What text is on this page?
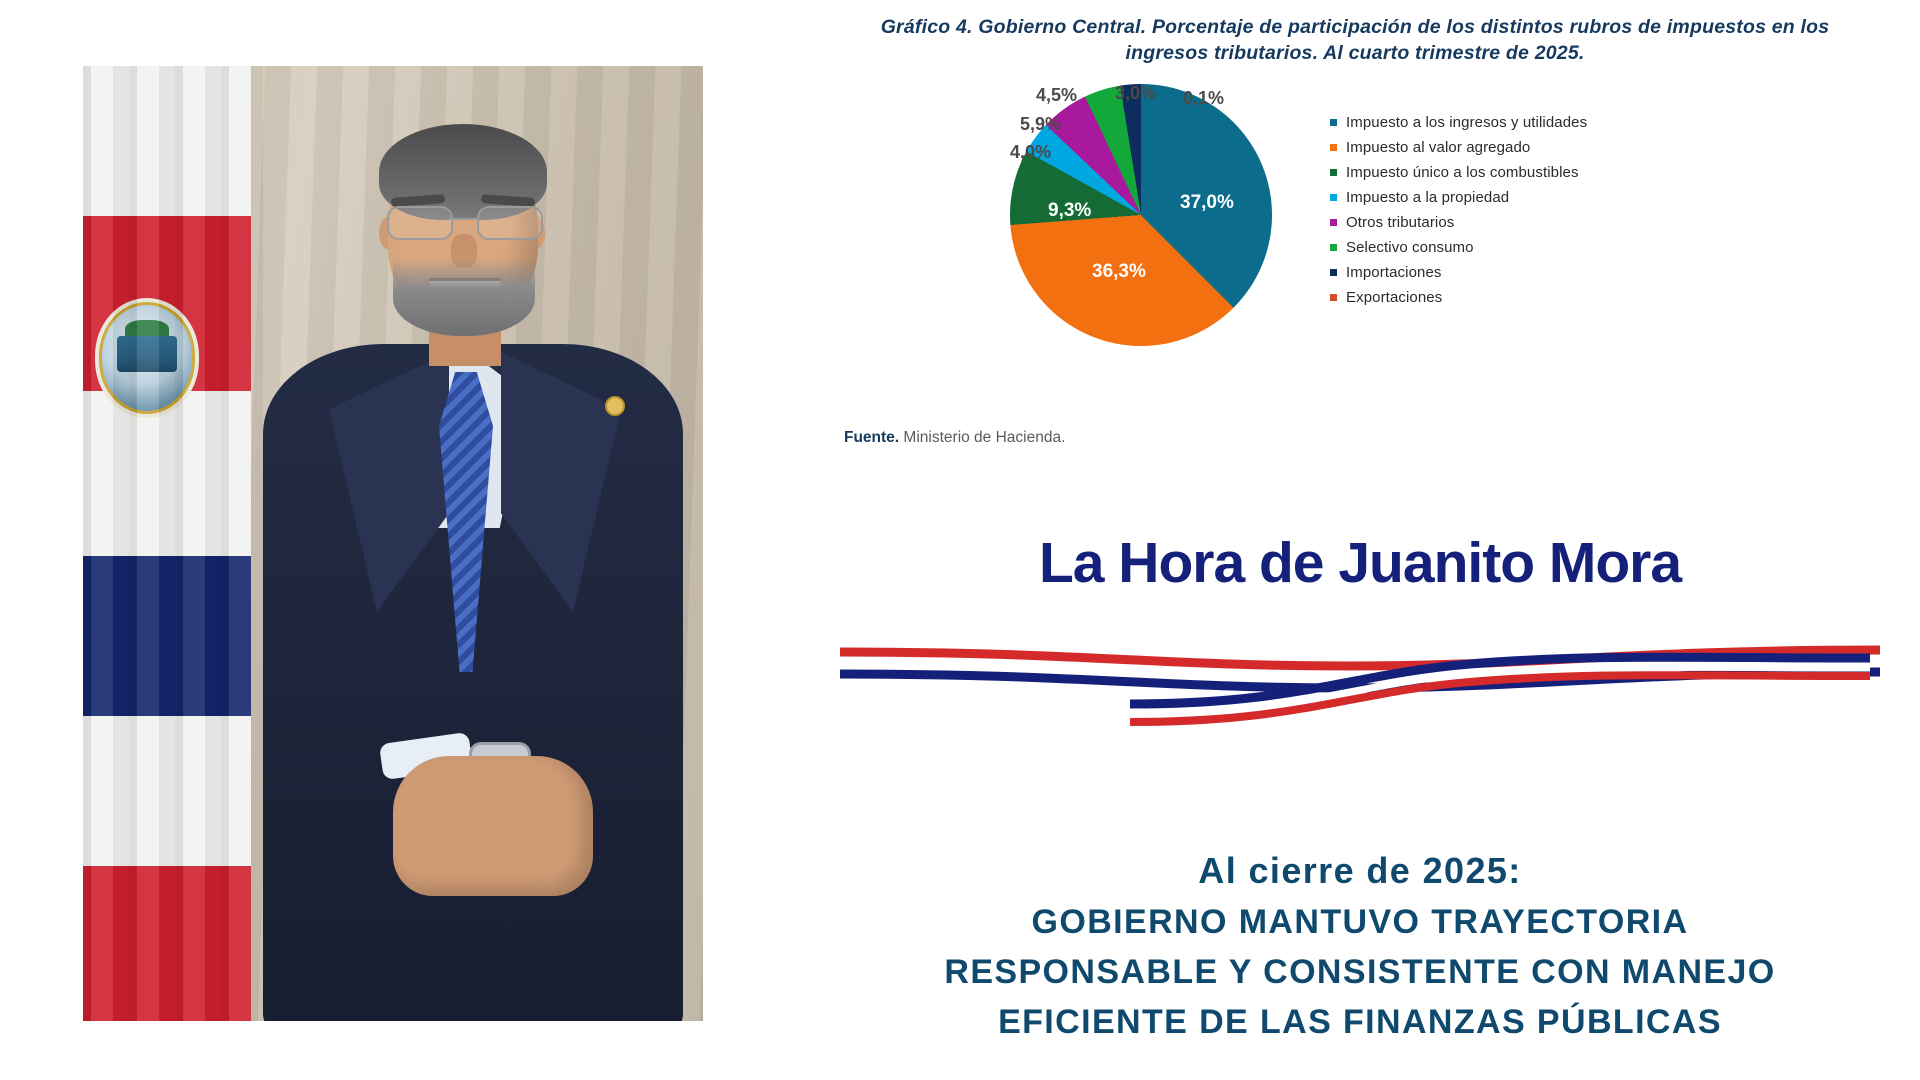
Gráfico 4. Gobierno Central. Porcentaje de participación de los distintos rubros de impuestos en los ingresos tributarios. Al cuarto trimestre de 2025.
37,0%
36,3%
9,3%
4,0%
5,9%
4,5% 3,0% 0,1%
Impuesto a los ingresos y utilidades
Impuesto al valor agregado
Impuesto único a los combustibles
Impuesto a la propiedad
Otros tributarios
Selectivo consumo
Importaciones
Exportaciones
Fuente. Ministerio de Hacienda.
La Hora de Juanito Mora
Al cierre de 2025:
GOBIERNO MANTUVO TRAYECTORIA
RESPONSABLE Y CONSISTENTE CON MANEJO
EFICIENTE DE LAS FINANZAS PÚBLICAS
